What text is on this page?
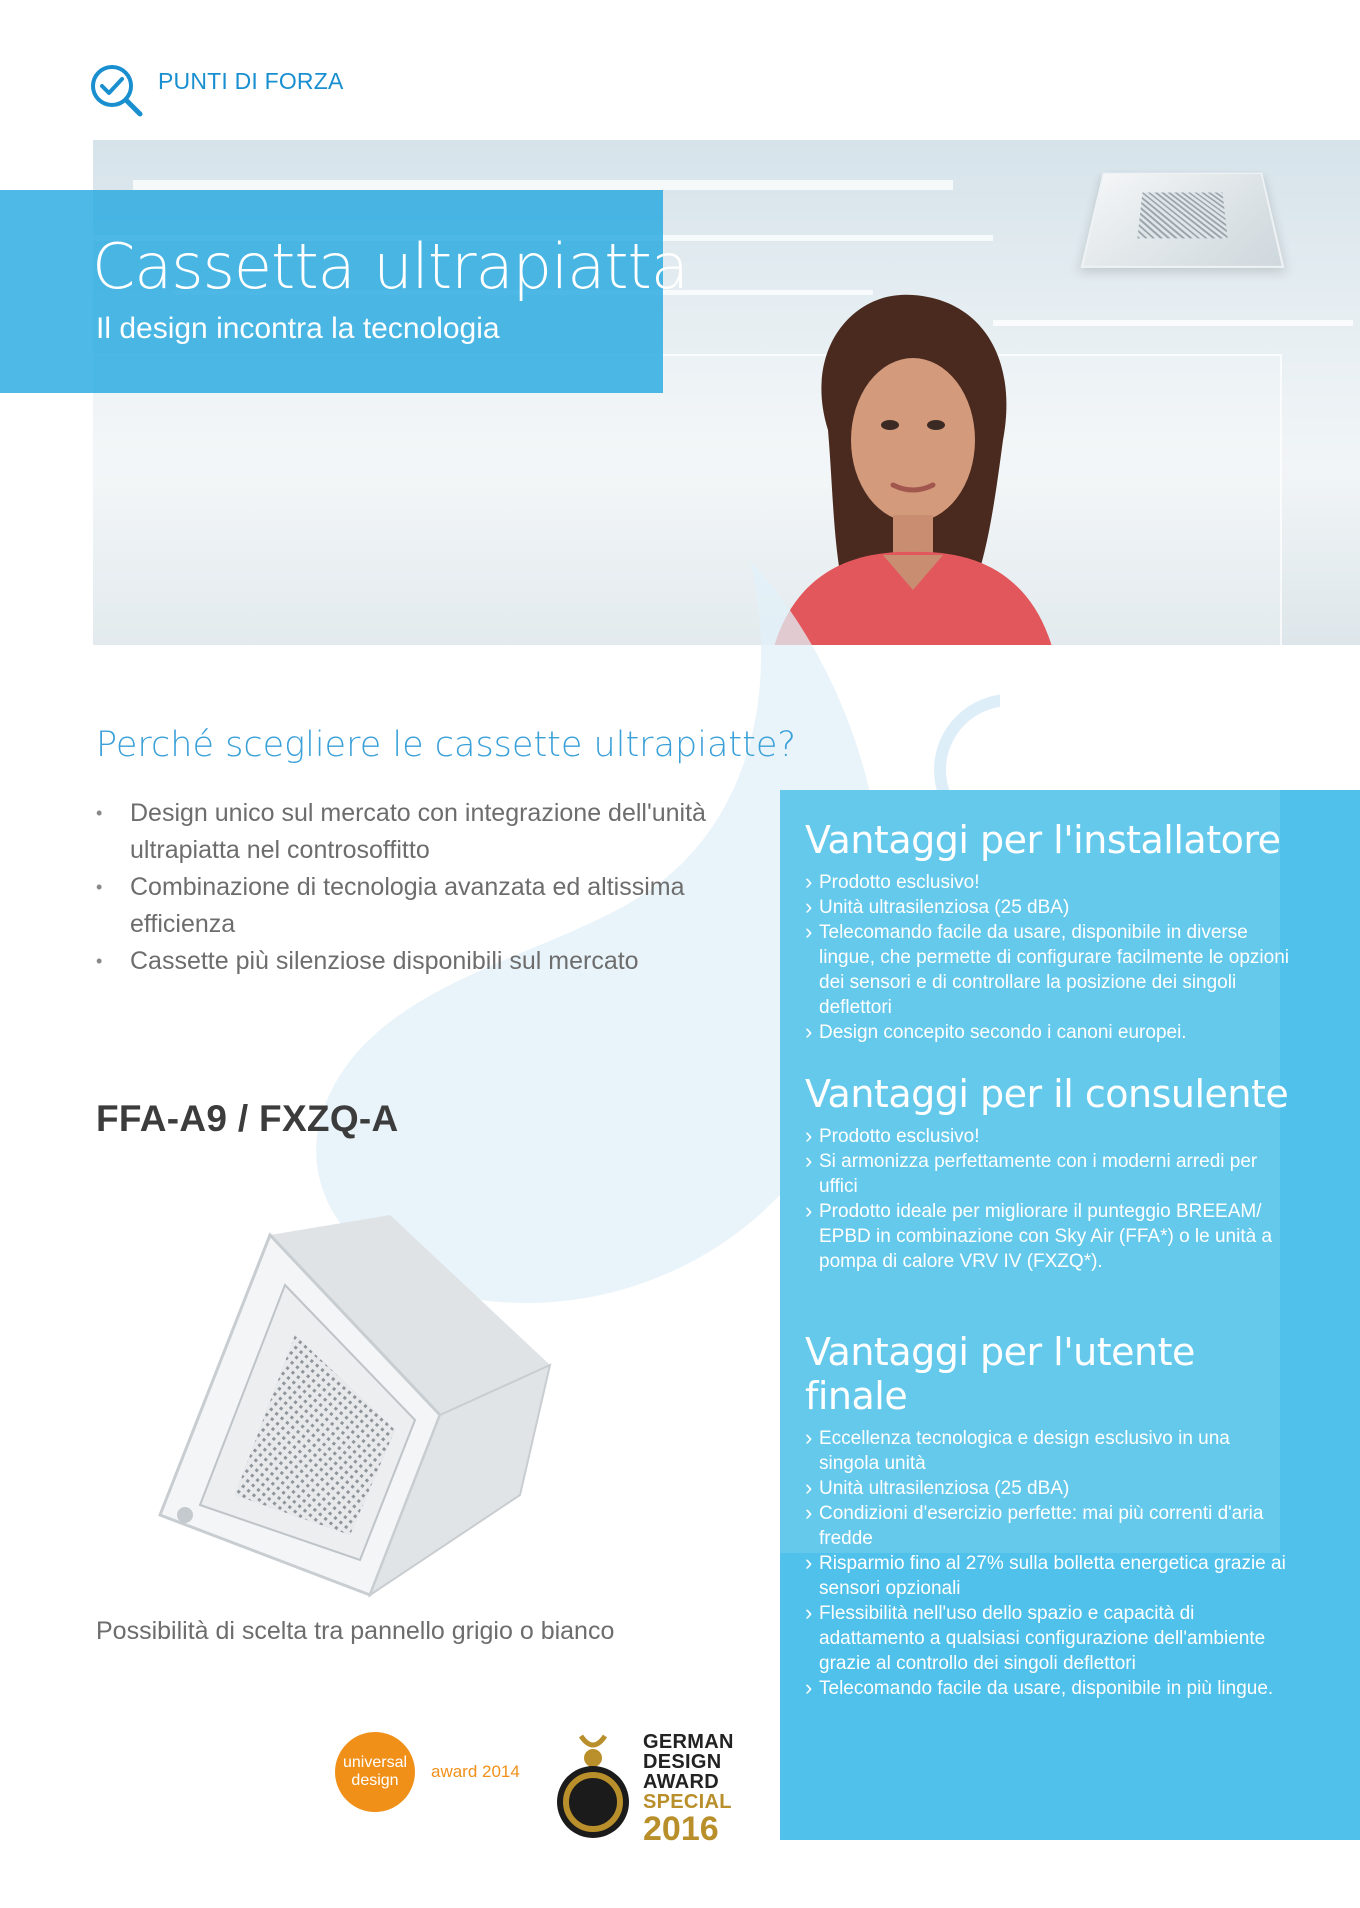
PUNTI DI FORZA
Cassetta ultrapiatta
Il design incontra la tecnologia
Perché scegliere le cassette ultrapiatte?
• Design unico sul mercato con integrazione dell'unità ultrapiatta nel controsoffitto
• Combinazione di tecnologia avanzata ed altissima efficienza
• Cassette più silenziose disponibili sul mercato
FFA-A9 / FXZQ-A
Possibilità di scelta tra pannello grigio o bianco
universal
design	award 2014
GERMAN
DESIGN
AWARD
SPECIAL
2016
Vantaggi per l'installatore
› Prodotto esclusivo!
› Unità ultrasilenziosa (25 dBA)
› Telecomando facile da usare, disponibile in diverse lingue, che permette di configurare facilmente le opzioni dei sensori e di controllare la posizione dei singoli deflettori
› Design concepito secondo i canoni europei.
Vantaggi per il consulente
› Prodotto esclusivo!
› Si armonizza perfettamente con i moderni arredi per uffici
› Prodotto ideale per migliorare il punteggio BREEAM/ EPBD in combinazione con Sky Air (FFA*) o le unità a pompa di calore VRV IV (FXZQ*).
Vantaggi per l'utente finale
› Eccellenza tecnologica e design esclusivo in una singola unità
› Unità ultrasilenziosa (25 dBA)
› Condizioni d'esercizio perfette: mai più correnti d'aria fredde
› Risparmio fino al 27% sulla bolletta energetica grazie ai sensori opzionali
› Flessibilità nell'uso dello spazio e capacità di adattamento a qualsiasi configurazione dell'ambiente grazie al controllo dei singoli deflettori
› Telecomando facile da usare, disponibile in più lingue.
